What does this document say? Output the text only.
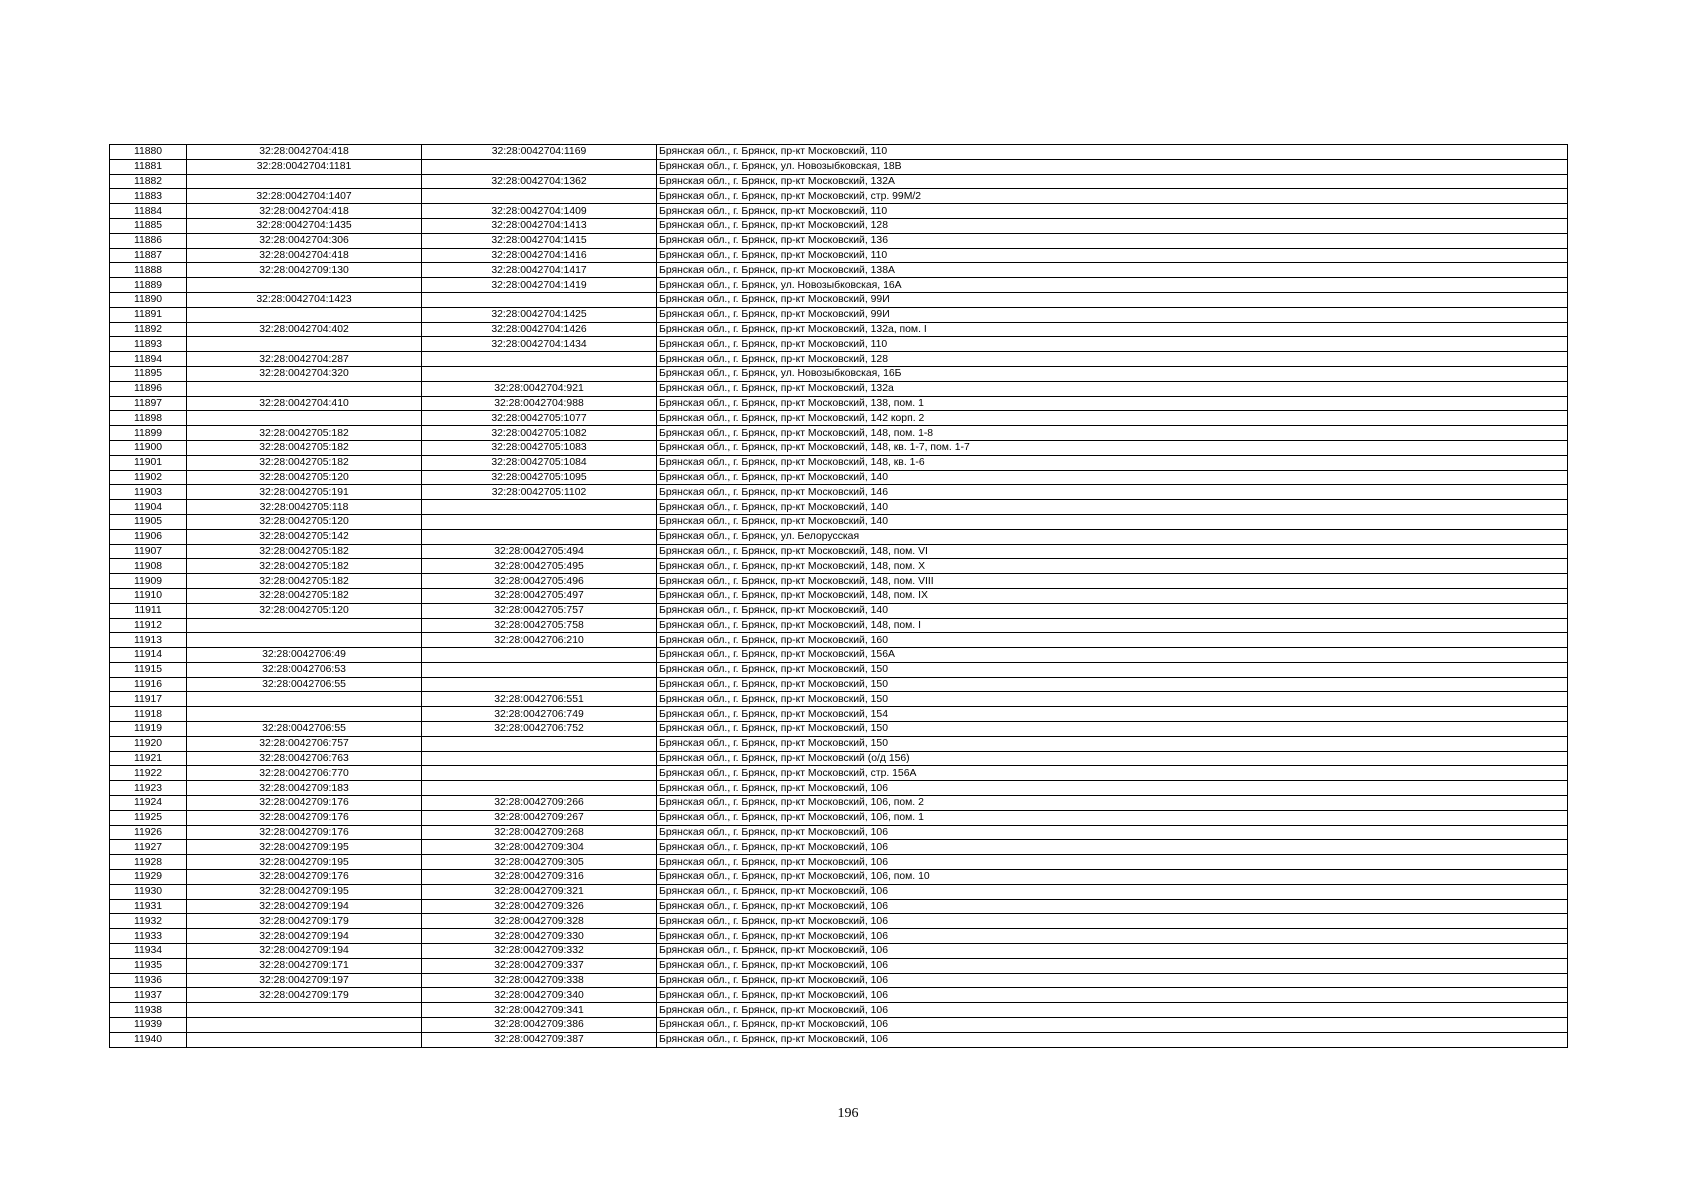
11880	32:28:0042704:418	32:28:0042704:1169	Брянская обл., г. Брянск, пр-кт Московский, 110
11881	32:28:0042704:1181		Брянская обл., г. Брянск, ул. Новозыбковская, 18В
11882		32:28:0042704:1362	Брянская обл., г. Брянск, пр-кт Московский, 132А
11883	32:28:0042704:1407		Брянская обл., г. Брянск, пр-кт Московский, стр. 99М/2
11884	32:28:0042704:418	32:28:0042704:1409	Брянская обл., г. Брянск, пр-кт Московский, 110
11885	32:28:0042704:1435	32:28:0042704:1413	Брянская обл., г. Брянск, пр-кт Московский, 128
11886	32:28:0042704:306	32:28:0042704:1415	Брянская обл., г. Брянск, пр-кт Московский, 136
11887	32:28:0042704:418	32:28:0042704:1416	Брянская обл., г. Брянск, пр-кт Московский, 110
11888	32:28:0042709:130	32:28:0042704:1417	Брянская обл., г. Брянск, пр-кт Московский, 138А
11889		32:28:0042704:1419	Брянская обл., г. Брянск, ул. Новозыбковская, 16А
11890	32:28:0042704:1423		Брянская обл., г. Брянск, пр-кт Московский, 99И
11891		32:28:0042704:1425	Брянская обл., г. Брянск, пр-кт Московский, 99И
11892	32:28:0042704:402	32:28:0042704:1426	Брянская обл., г. Брянск, пр-кт Московский, 132а, пом. I
11893		32:28:0042704:1434	Брянская обл., г. Брянск, пр-кт Московский, 110
11894	32:28:0042704:287		Брянская обл., г. Брянск, пр-кт Московский, 128
11895	32:28:0042704:320		Брянская обл., г. Брянск, ул. Новозыбковская, 16Б
11896		32:28:0042704:921	Брянская обл., г. Брянск, пр-кт Московский, 132а
11897	32:28:0042704:410	32:28:0042704:988	Брянская обл., г. Брянск, пр-кт Московский, 138, пом. 1
11898		32:28:0042705:1077	Брянская обл., г. Брянск, пр-кт Московский, 142 корп. 2
11899	32:28:0042705:182	32:28:0042705:1082	Брянская обл., г. Брянск, пр-кт Московский, 148, пом. 1-8
11900	32:28:0042705:182	32:28:0042705:1083	Брянская обл., г. Брянск, пр-кт Московский, 148, кв. 1-7, пом. 1-7
11901	32:28:0042705:182	32:28:0042705:1084	Брянская обл., г. Брянск, пр-кт Московский, 148, кв. 1-6
11902	32:28:0042705:120	32:28:0042705:1095	Брянская обл., г. Брянск, пр-кт Московский, 140
11903	32:28:0042705:191	32:28:0042705:1102	Брянская обл., г. Брянск, пр-кт Московский, 146
11904	32:28:0042705:118		Брянская обл., г. Брянск, пр-кт Московский, 140
11905	32:28:0042705:120		Брянская обл., г. Брянск, пр-кт Московский, 140
11906	32:28:0042705:142		Брянская обл., г. Брянск, ул. Белорусская
11907	32:28:0042705:182	32:28:0042705:494	Брянская обл., г. Брянск, пр-кт Московский, 148, пом. VI
11908	32:28:0042705:182	32:28:0042705:495	Брянская обл., г. Брянск, пр-кт Московский, 148, пом. X
11909	32:28:0042705:182	32:28:0042705:496	Брянская обл., г. Брянск, пр-кт Московский, 148, пом. VIII
11910	32:28:0042705:182	32:28:0042705:497	Брянская обл., г. Брянск, пр-кт Московский, 148, пом. IX
11911	32:28:0042705:120	32:28:0042705:757	Брянская обл., г. Брянск, пр-кт Московский, 140
11912		32:28:0042705:758	Брянская обл., г. Брянск, пр-кт Московский, 148, пом. I
11913		32:28:0042706:210	Брянская обл., г. Брянск, пр-кт Московский, 160
11914	32:28:0042706:49		Брянская обл., г. Брянск, пр-кт Московский, 156А
11915	32:28:0042706:53		Брянская обл., г. Брянск, пр-кт Московский, 150
11916	32:28:0042706:55		Брянская обл., г. Брянск, пр-кт Московский, 150
11917		32:28:0042706:551	Брянская обл., г. Брянск, пр-кт Московский, 150
11918		32:28:0042706:749	Брянская обл., г. Брянск, пр-кт Московский, 154
11919	32:28:0042706:55	32:28:0042706:752	Брянская обл., г. Брянск, пр-кт Московский, 150
11920	32:28:0042706:757		Брянская обл., г. Брянск, пр-кт Московский, 150
11921	32:28:0042706:763		Брянская обл., г. Брянск, пр-кт Московский (о/д 156)
11922	32:28:0042706:770		Брянская обл., г. Брянск, пр-кт Московский, стр. 156А
11923	32:28:0042709:183		Брянская обл., г. Брянск, пр-кт Московский, 106
11924	32:28:0042709:176	32:28:0042709:266	Брянская обл., г. Брянск, пр-кт Московский, 106, пом. 2
11925	32:28:0042709:176	32:28:0042709:267	Брянская обл., г. Брянск, пр-кт Московский, 106, пом. 1
11926	32:28:0042709:176	32:28:0042709:268	Брянская обл., г. Брянск, пр-кт Московский, 106
11927	32:28:0042709:195	32:28:0042709:304	Брянская обл., г. Брянск, пр-кт Московский, 106
11928	32:28:0042709:195	32:28:0042709:305	Брянская обл., г. Брянск, пр-кт Московский, 106
11929	32:28:0042709:176	32:28:0042709:316	Брянская обл., г. Брянск, пр-кт Московский, 106, пом. 10
11930	32:28:0042709:195	32:28:0042709:321	Брянская обл., г. Брянск, пр-кт Московский, 106
11931	32:28:0042709:194	32:28:0042709:326	Брянская обл., г. Брянск, пр-кт Московский, 106
11932	32:28:0042709:179	32:28:0042709:328	Брянская обл., г. Брянск, пр-кт Московский, 106
11933	32:28:0042709:194	32:28:0042709:330	Брянская обл., г. Брянск, пр-кт Московский, 106
11934	32:28:0042709:194	32:28:0042709:332	Брянская обл., г. Брянск, пр-кт Московский, 106
11935	32:28:0042709:171	32:28:0042709:337	Брянская обл., г. Брянск, пр-кт Московский, 106
11936	32:28:0042709:197	32:28:0042709:338	Брянская обл., г. Брянск, пр-кт Московский, 106
11937	32:28:0042709:179	32:28:0042709:340	Брянская обл., г. Брянск, пр-кт Московский, 106
11938		32:28:0042709:341	Брянская обл., г. Брянск, пр-кт Московский, 106
11939		32:28:0042709:386	Брянская обл., г. Брянск, пр-кт Московский, 106
11940		32:28:0042709:387	Брянская обл., г. Брянск, пр-кт Московский, 106
196
